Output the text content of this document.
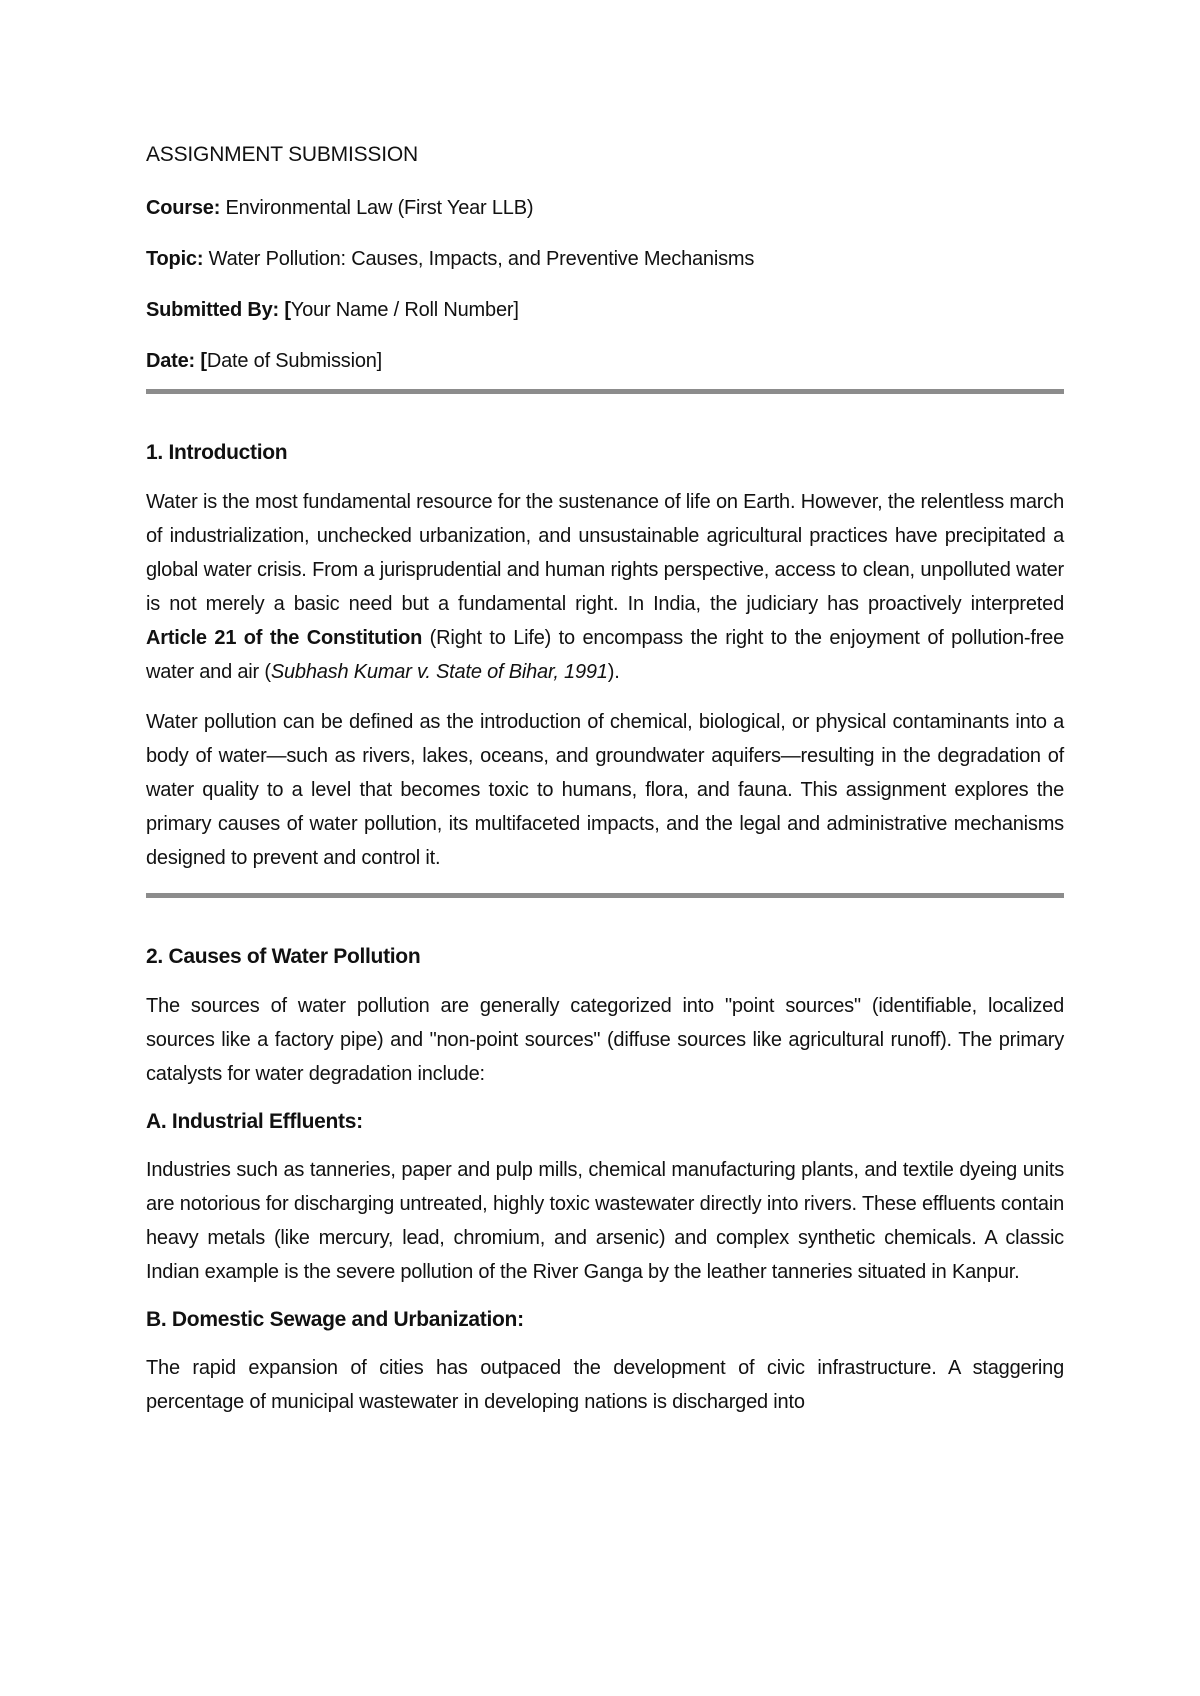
ASSIGNMENT SUBMISSION
Course: Environmental Law (First Year LLB)
Topic: Water Pollution: Causes, Impacts, and Preventive Mechanisms
Submitted By: [Your Name / Roll Number]
Date: [Date of Submission]
1. Introduction

Water is the most fundamental resource for the sustenance of life on Earth. However, the relentless march of industrialization, unchecked urbanization, and unsustainable agricultural practices have precipitated a global water crisis. From a jurisprudential and human rights perspective, access to clean, unpolluted water is not merely a basic need but a fundamental right. In India, the judiciary has proactively interpreted Article 21 of the Constitution (Right to Life) to encompass the right to the enjoyment of pollution-free water and air (Subhash Kumar v. State of Bihar, 1991).

Water pollution can be defined as the introduction of chemical, biological, or physical contaminants into a body of water—such as rivers, lakes, oceans, and groundwater aquifers—resulting in the degradation of water quality to a level that becomes toxic to humans, flora, and fauna. This assignment explores the primary causes of water pollution, its multifaceted impacts, and the legal and administrative mechanisms designed to prevent and control it.

2. Causes of Water Pollution

The sources of water pollution are generally categorized into "point sources" (identifiable, localized sources like a factory pipe) and "non-point sources" (diffuse sources like agricultural runoff). The primary catalysts for water degradation include:

A. Industrial Effluents:

Industries such as tanneries, paper and pulp mills, chemical manufacturing plants, and textile dyeing units are notorious for discharging untreated, highly toxic wastewater directly into rivers. These effluents contain heavy metals (like mercury, lead, chromium, and arsenic) and complex synthetic chemicals. A classic Indian example is the severe pollution of the River Ganga by the leather tanneries situated in Kanpur.

B. Domestic Sewage and Urbanization:

The rapid expansion of cities has outpaced the development of civic infrastructure. A staggering percentage of municipal wastewater in developing nations is discharged into
